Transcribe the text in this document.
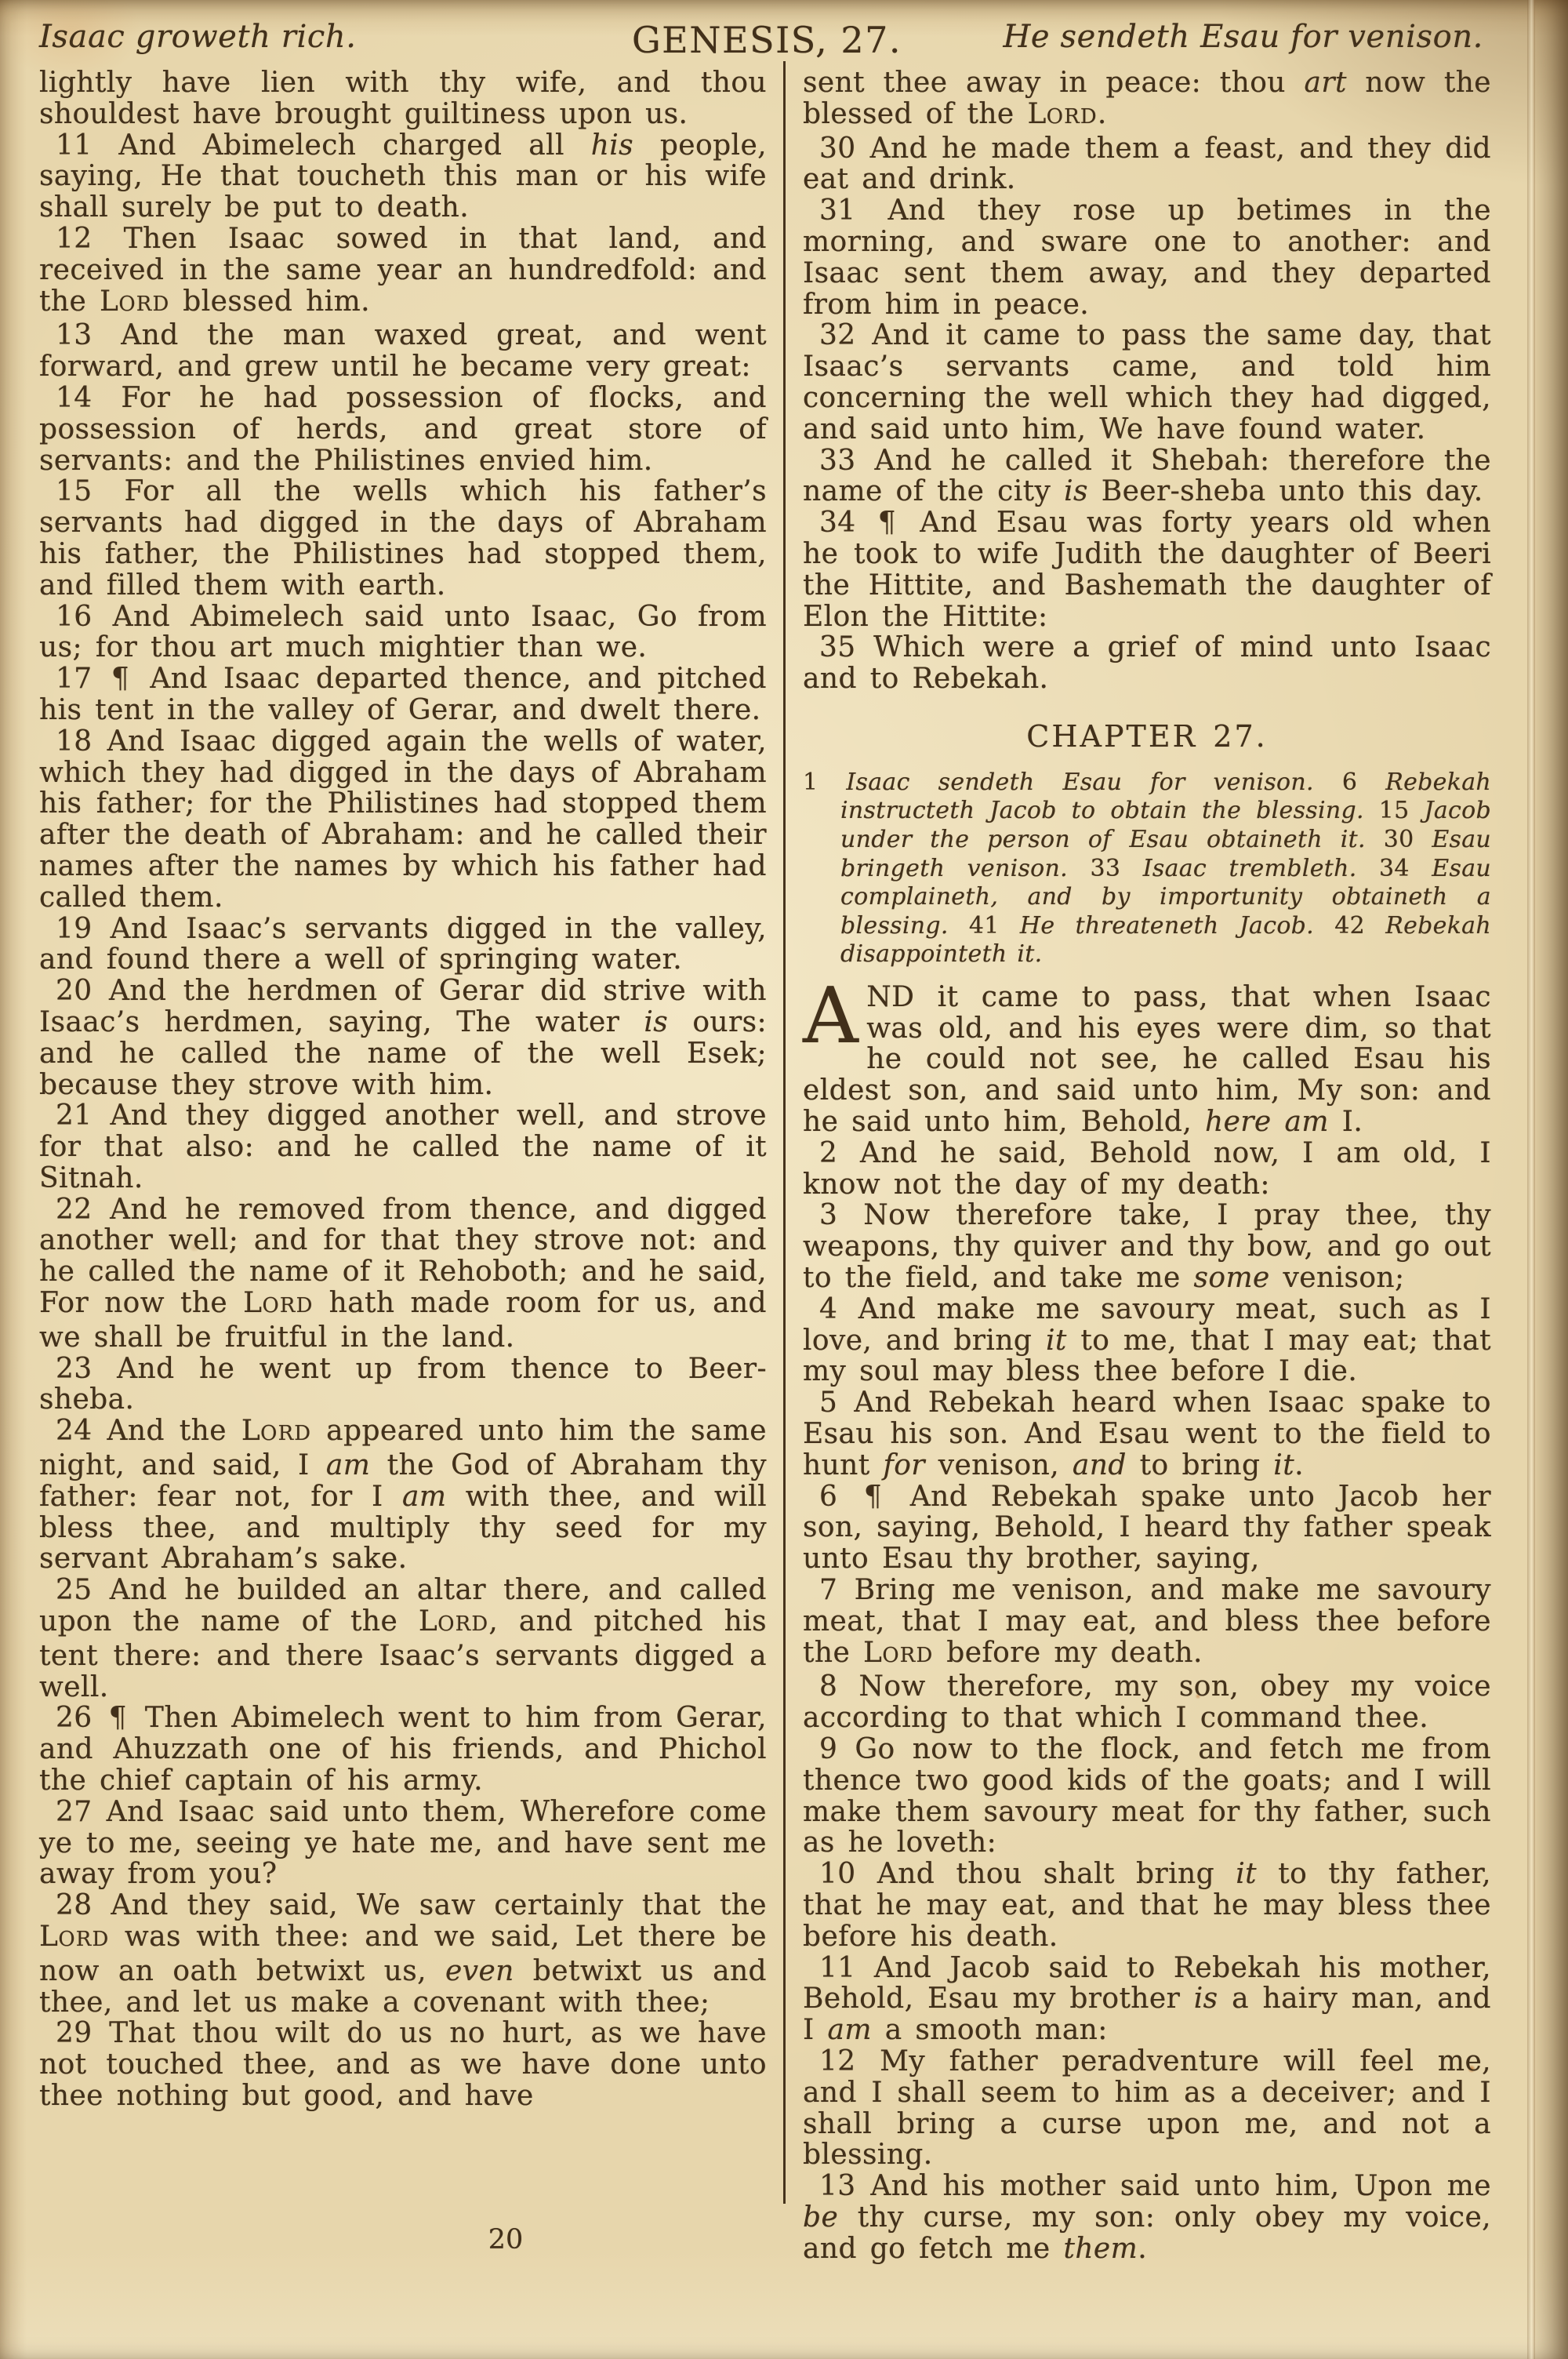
Isaac groweth rich.	GENESIS, 27.	He sendeth Esau for venison.

lightly have lien with thy wife, and thou shouldest have brought guiltiness upon us.

11 And Abimelech charged all his people, saying, He that toucheth this man or his wife shall surely be put to death.

12 Then Isaac sowed in that land, and received in the same year an hundredfold: and the LORD blessed him.

13 And the man waxed great, and went forward, and grew until he became very great:

14 For he had possession of flocks, and possession of herds, and great store of servants: and the Philistines envied him.

15 For all the wells which his father’s servants had digged in the days of Abraham his father, the Philistines had stopped them, and filled them with earth.

16 And Abimelech said unto Isaac, Go from us; for thou art much mightier than we.

17 ¶ And Isaac departed thence, and pitched his tent in the valley of Gerar, and dwelt there.

18 And Isaac digged again the wells of water, which they had digged in the days of Abraham his father; for the Philistines had stopped them after the death of Abraham: and he called their names after the names by which his father had called them.

19 And Isaac’s servants digged in the valley, and found there a well of springing water.

20 And the herdmen of Gerar did strive with Isaac’s herdmen, saying, The water is ours: and he called the name of the well Esek; because they strove with him.

21 And they digged another well, and strove for that also: and he called the name of it Sitnah.

22 And he removed from thence, and digged another well; and for that they strove not: and he called the name of it Rehoboth; and he said, For now the LORD hath made room for us, and we shall be fruitful in the land.

23 And he went up from thence to Beer-sheba.

24 And the LORD appeared unto him the same night, and said, I am the God of Abraham thy father: fear not, for I am with thee, and will bless thee, and multiply thy seed for my servant Abraham’s sake.

25 And he builded an altar there, and called upon the name of the LORD, and pitched his tent there: and there Isaac’s servants digged a well.

26 ¶ Then Abimelech went to him from Gerar, and Ahuzzath one of his friends, and Phichol the chief captain of his army.

27 And Isaac said unto them, Wherefore come ye to me, seeing ye hate me, and have sent me away from you?

28 And they said, We saw certainly that the LORD was with thee: and we said, Let there be now an oath betwixt us, even betwixt us and thee, and let us make a covenant with thee;

29 That thou wilt do us no hurt, as we have not touched thee, and as we have done unto thee nothing but good, and have

sent thee away in peace: thou art now the blessed of the LORD.

30 And he made them a feast, and they did eat and drink.

31 And they rose up betimes in the morning, and sware one to another: and Isaac sent them away, and they departed from him in peace.

32 And it came to pass the same day, that Isaac’s servants came, and told him concerning the well which they had digged, and said unto him, We have found water.

33 And he called it Shebah: therefore the name of the city is Beer-sheba unto this day.

34 ¶ And Esau was forty years old when he took to wife Judith the daughter of Beeri the Hittite, and Bashemath the daughter of Elon the Hittite:

35 Which were a grief of mind unto Isaac and to Rebekah.

CHAPTER 27.

1 Isaac sendeth Esau for venison. 6 Rebekah instructeth Jacob to obtain the blessing. 15 Jacob under the person of Esau obtaineth it. 30 Esau bringeth venison. 33 Isaac trembleth. 34 Esau complaineth, and by importunity obtaineth a blessing. 41 He threateneth Jacob. 42 Rebekah disappointeth it.

AND it came to pass, that when Isaac was old, and his eyes were dim, so that he could not see, he called Esau his eldest son, and said unto him, My son: and he said unto him, Behold, here am I.

2 And he said, Behold now, I am old, I know not the day of my death:

3 Now therefore take, I pray thee, thy weapons, thy quiver and thy bow, and go out to the field, and take me some venison;

4 And make me savoury meat, such as I love, and bring it to me, that I may eat; that my soul may bless thee before I die.

5 And Rebekah heard when Isaac spake to Esau his son. And Esau went to the field to hunt for venison, and to bring it.

6 ¶ And Rebekah spake unto Jacob her son, saying, Behold, I heard thy father speak unto Esau thy brother, saying,

7 Bring me venison, and make me savoury meat, that I may eat, and bless thee before the LORD before my death.

8 Now therefore, my son, obey my voice according to that which I command thee.

9 Go now to the flock, and fetch me from thence two good kids of the goats; and I will make them savoury meat for thy father, such as he loveth:

10 And thou shalt bring it to thy father, that he may eat, and that he may bless thee before his death.

11 And Jacob said to Rebekah his mother, Behold, Esau my brother is a hairy man, and I am a smooth man:

12 My father peradventure will feel me, and I shall seem to him as a deceiver; and I shall bring a curse upon me, and not a blessing.

13 And his mother said unto him, Upon me be thy curse, my son: only obey my voice, and go fetch me them.

20
